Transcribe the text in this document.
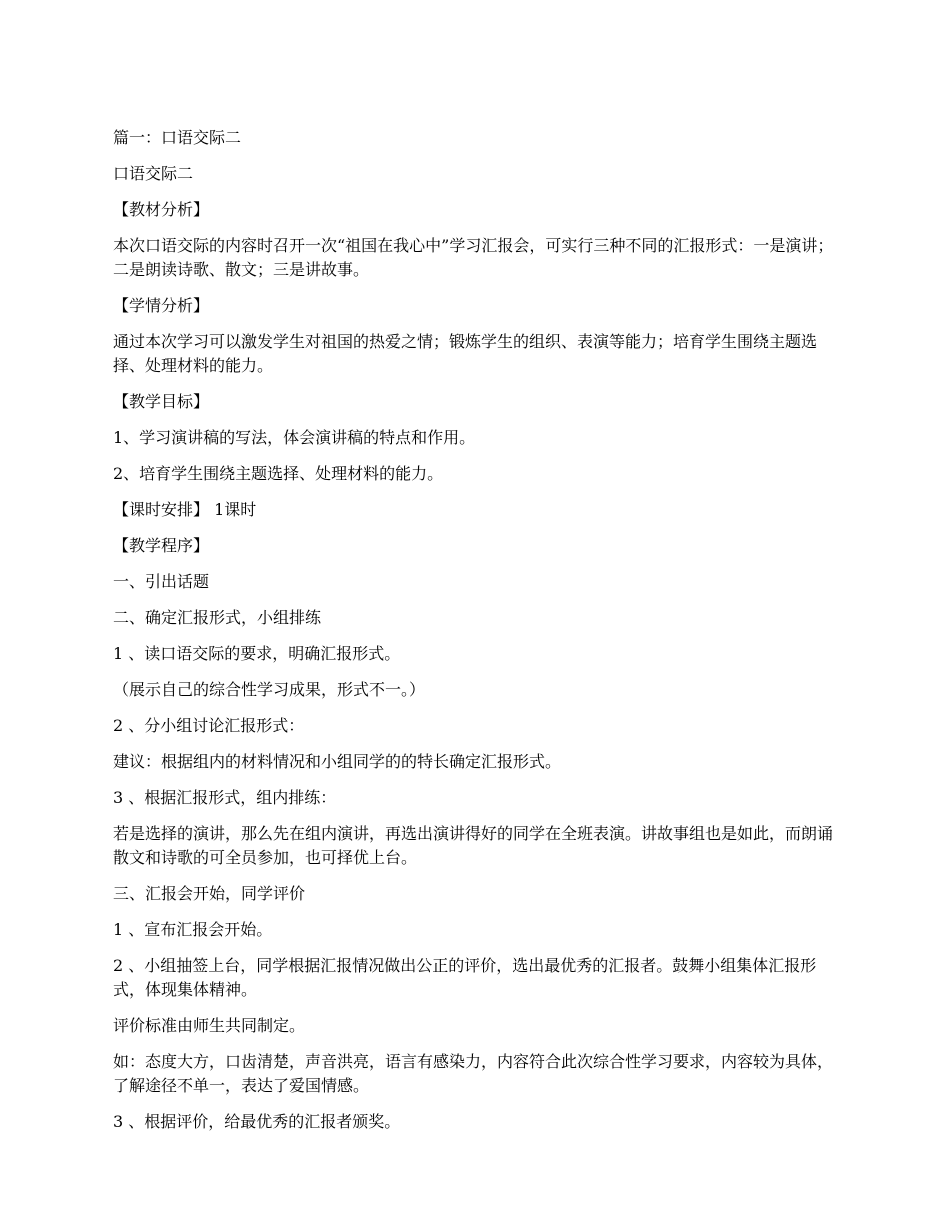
篇一：口语交际二

口语交际二

【教材分析】

本次口语交际的内容时召开一次“祖国在我心中”学习汇报会，可实行三种不同的汇报形式：一是演讲；二是朗读诗歌、散文；三是讲故事。

【学情分析】

通过本次学习可以激发学生对祖国的热爱之情；锻炼学生的组织、表演等能力；培育学生围绕主题选择、处理材料的能力。

【教学目标】

1、学习演讲稿的写法，体会演讲稿的特点和作用。

2、培育学生围绕主题选择、处理材料的能力。

【课时安排】 1课时

【教学程序】

一、引出话题

二、确定汇报形式，小组排练

1 、读口语交际的要求，明确汇报形式。

（展示自己的综合性学习成果，形式不一。）

2 、分小组讨论汇报形式：

建议：根据组内的材料情况和小组同学的的特长确定汇报形式。

3 、根据汇报形式，组内排练：

若是选择的演讲，那么先在组内演讲，再选出演讲得好的同学在全班表演。讲故事组也是如此，而朗诵散文和诗歌的可全员参加，也可择优上台。

三、汇报会开始，同学评价

1 、宣布汇报会开始。

2 、小组抽签上台，同学根据汇报情况做出公正的评价，选出最优秀的汇报者。鼓舞小组集体汇报形式，体现集体精神。

评价标准由师生共同制定。

如：态度大方，口齿清楚，声音洪亮，语言有感染力，内容符合此次综合性学习要求，内容较为具体，了解途径不单一，表达了爱国情感。

3 、根据评价，给最优秀的汇报者颁奖。
